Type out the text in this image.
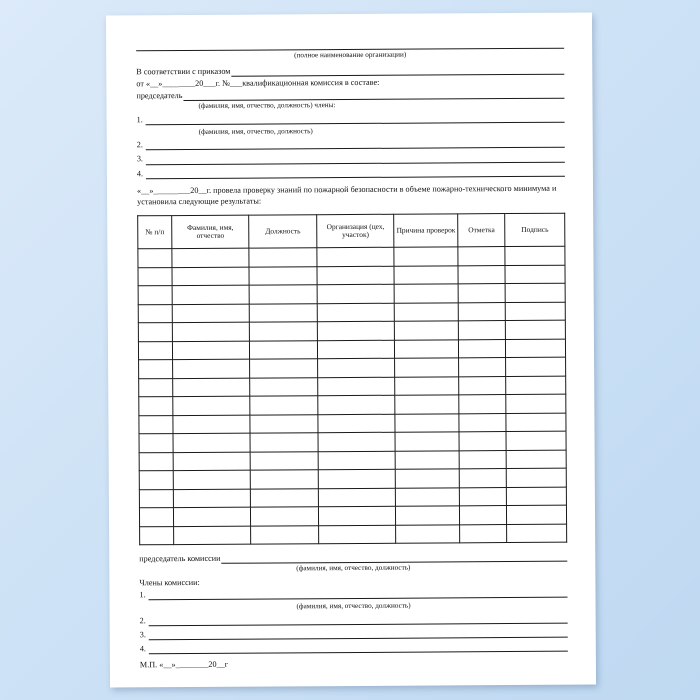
(полное наименование организации)
В соответствии с приказом
от «__»________20___г. №___квалификационная комиссия в составе:
председатель
(фамилия, имя, отчество, должность) члены:
1.
(фамилия, имя, отчество, должность)
2.
3.
4.
«__»_________20__г. провела проверку знаний по пожарной безопасности в объеме пожарно-технического минимума и установила следующие результаты:
№ п/п	Фамилия, имя, отчество	Должность	Организация (цех, участок)	Причина проверок	Отметка	Подпись

председатель комиссии
(фамилия, имя, отчество, должность)
Члены комиссии:
1.
(фамилия, имя, отчество, должность)
2.
3.
4.
М.П. «__»________20__г
